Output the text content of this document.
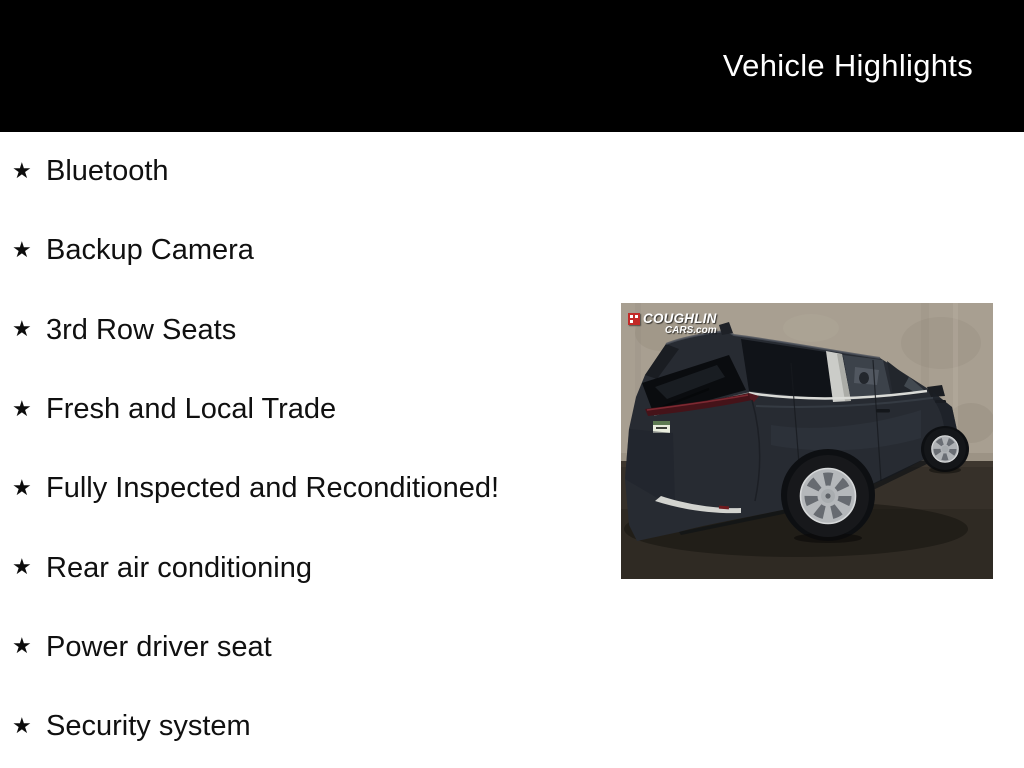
Vehicle Highlights
★ Bluetooth
★ Backup Camera
★ 3rd Row Seats
★ Fresh and Local Trade
★ Fully Inspected and Reconditioned!
★ Rear air conditioning
★ Power driver seat
★ Security system
COUGHLIN
CARS.com
